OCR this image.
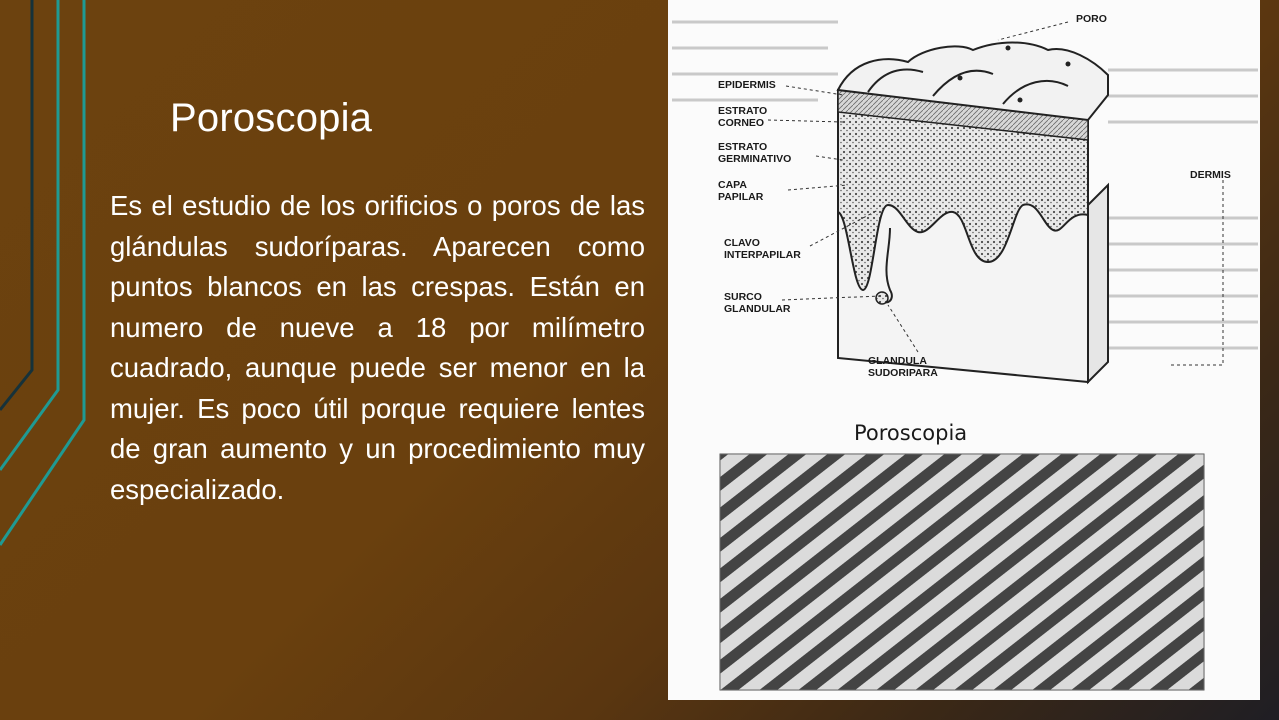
Poroscopia

Es el estudio de los orificios o poros de las glándulas sudoríparas. Aparecen como puntos blancos en las crespas. Están en numero de nueve a 18 por milímetro cuadrado, aunque puede ser menor en la mujer. Es poco útil porque requiere lentes de gran aumento y un procedimiento muy especializado.

PORO
EPIDERMIS
ESTRATO
CORNEO
ESTRATO
GERMINATIVO
CAPA
PAPILAR
CLAVO
INTERPAPILAR
SURCO
GLANDULAR
DERMIS
GLANDULA
SUDORIPARA
Poroscopia
